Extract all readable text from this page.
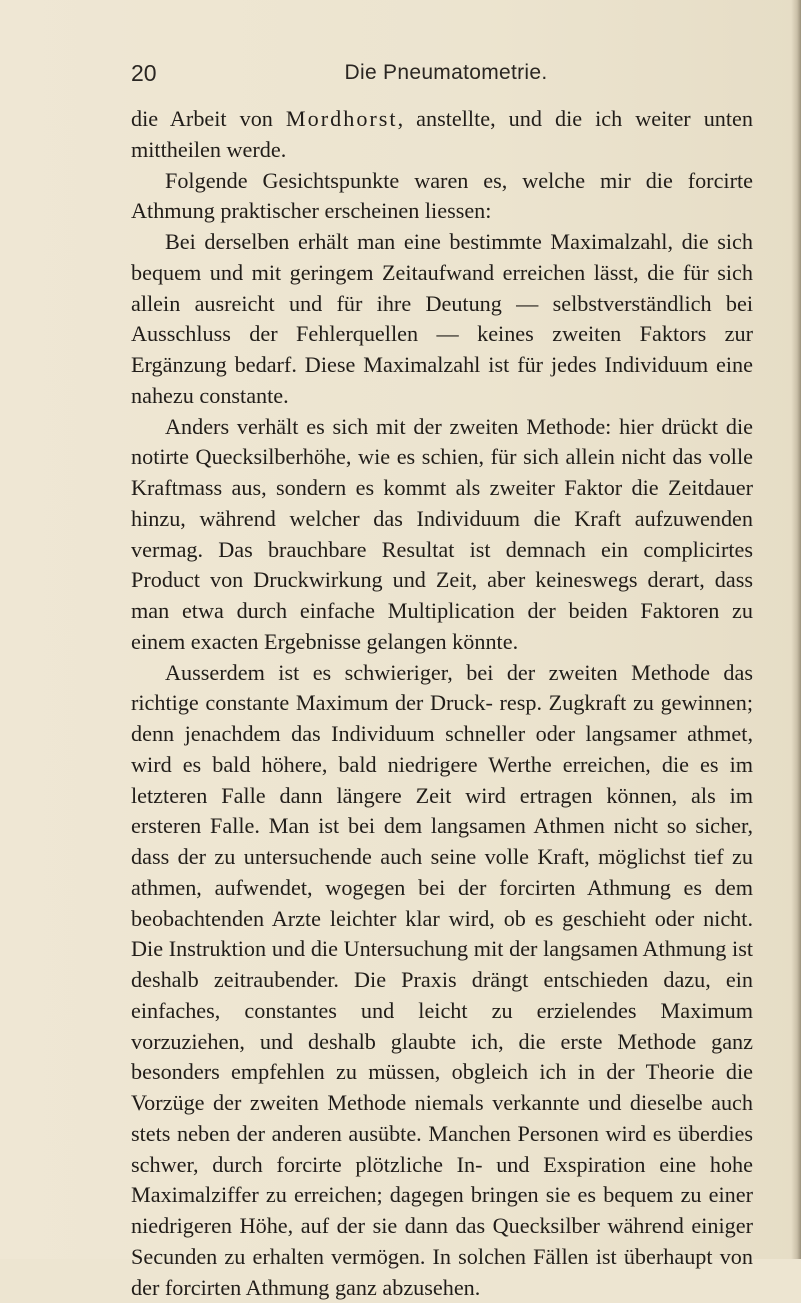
20	Die Pneumatometrie.

die Arbeit von Mordhorst, anstellte, und die ich weiter unten mittheilen werde.

Folgende Gesichtspunkte waren es, welche mir die forcirte Athmung praktischer erscheinen liessen:

Bei derselben erhält man eine bestimmte Maximalzahl, die sich bequem und mit geringem Zeitaufwand erreichen lässt, die für sich allein ausreicht und für ihre Deutung — selbstverständlich bei Ausschluss der Fehlerquellen — keines zweiten Faktors zur Ergänzung bedarf. Diese Maximalzahl ist für jedes Individuum eine nahezu constante.

Anders verhält es sich mit der zweiten Methode: hier drückt die notirte Quecksilberhöhe, wie es schien, für sich allein nicht das volle Kraftmass aus, sondern es kommt als zweiter Faktor die Zeitdauer hinzu, während welcher das Individuum die Kraft aufzuwenden vermag. Das brauchbare Resultat ist demnach ein complicirtes Product von Druckwirkung und Zeit, aber keineswegs derart, dass man etwa durch einfache Multiplication der beiden Faktoren zu einem exacten Ergebnisse gelangen könnte.

Ausserdem ist es schwieriger, bei der zweiten Methode das richtige constante Maximum der Druck- resp. Zugkraft zu gewinnen; denn jenachdem das Individuum schneller oder langsamer athmet, wird es bald höhere, bald niedrigere Werthe erreichen, die es im letzteren Falle dann längere Zeit wird ertragen können, als im ersteren Falle. Man ist bei dem langsamen Athmen nicht so sicher, dass der zu untersuchende auch seine volle Kraft, möglichst tief zu athmen, aufwendet, wogegen bei der forcirten Athmung es dem beobachtenden Arzte leichter klar wird, ob es geschieht oder nicht. Die Instruktion und die Untersuchung mit der langsamen Athmung ist deshalb zeitraubender. Die Praxis drängt entschieden dazu, ein einfaches, constantes und leicht zu erzielendes Maximum vorzuziehen, und deshalb glaubte ich, die erste Methode ganz besonders empfehlen zu müssen, obgleich ich in der Theorie die Vorzüge der zweiten Methode niemals verkannte und dieselbe auch stets neben der anderen ausübte. Manchen Personen wird es überdies schwer, durch forcirte plötzliche In- und Exspiration eine hohe Maximalziffer zu erreichen; dagegen bringen sie es bequem zu einer niedrigeren Höhe, auf der sie dann das Quecksilber während einiger Secunden zu erhalten vermögen. In solchen Fällen ist überhaupt von der forcirten Athmung ganz abzusehen.
